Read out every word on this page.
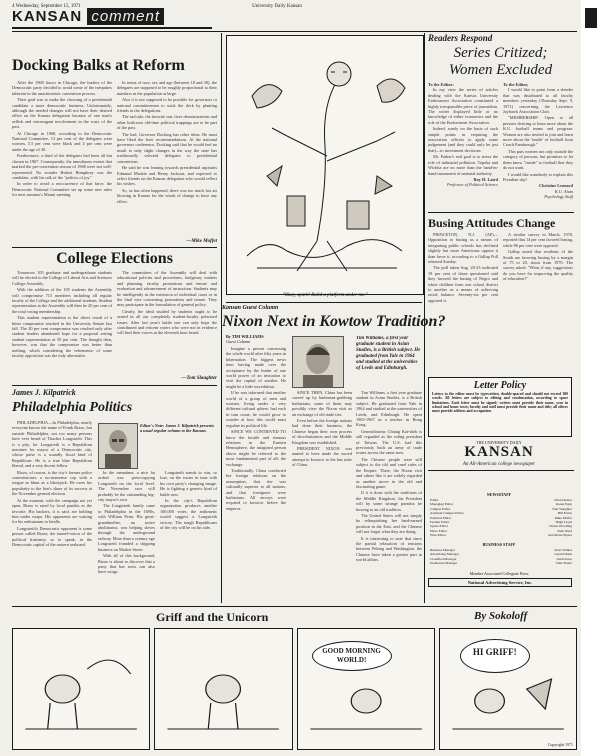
4 Wednesday, September 15, 1971	University Daily Kansan
KANSAN comment
Docking Balks at Reform

After the 1968 fiasco in Chicago, the leaders of the Democratic party decided to avoid some of the inequities inherent in the anachronistic convention process.

Their goal was to make the choosing of a presidential candidate a more democratic business. Unfortunately, although the needed changes will not have their desired effect on the Kansas delegation because of one man's selfish and extravagant involvement in the ways of the past.

At Chicago in 1968, according to the Democratic National Committee, 13 per cent of the delegates were women, 5.5 per cent were black and 4 per cent were under the age of 30.

Furthermore, a third of the delegates had been all but chosen in 1967. Consequently, the tumultuous events that marked the pre-convention season of 1968 were not well-represented. No wonder Hubert Humphrey was the candidate, with his talk of the "politics of joy."

In order to avoid a reoccurrence of that farce, the Democratic National Committee set up some new rules for next summer's Miami meeting.

In terms of race, sex and age (between 18 and 30), the delegates are supposed to be roughly proportional to their numbers in the population at large.

Also it is not supposed to be possible for governors or national committeemen to stack the deck by planting friends in the delegations.

The sad rule, the favorite son, fiver demonstrations and other ludicrous old-time political trappings are to be part of the past.

The bad, Governor Docking has other ideas. He must have liked the fixer recommendations. At the national governors conference, Docking said that he would feel no insult to only slight changes in the way the state has traditionally selected delegates to presidential conventions.

He said he was leaning towards presidential aspirants Edmund Muskie and Henry Jackson, and expected to select friends on the Kansas delegation who would reflect his wishes.

So, as has often happened, there was too much hot air blowing in Kansas for the winds of change to have any effect.

—Mike Moffet
College Elections

Tomorrow 105 graduate and undergraduate students will be elected to the College of Liberal Arts and Sciences College Assembly.

With the addition of the 105 students the Assembly will compromise 715 members including all regular faculty of the College and the additional students. Student representation in the Assembly will then be 20 per cent of the total voting membership.

This student representation is the direct result of a bitter compromise reached in the University Senate last fall. The 20 per cent compromise was reached only after student leaders abandoned hope for a proposal setting student representation at 50 per cent. The thought then, however, was that the compromise was better than nothing, which considering the vehemence of some faculty opposition was the only alternative.

The committees of the Assembly will deal with educational policies and procedures, budgetary matters and planning, faculty promotions and tenure and evaluation and advancement of instruction. Students may be intelligently in the extension of individual cases or in the final vote concerning promotions and tenure. They may participate in the formulation of general policy.

Clearly, the ideal studied by students ought to be seated in all our completely student-faculty polarized issues. After last year's battle one can only hope the contributed and reticent voters who were not in evidence will find their voices at the eleventh hour heard.

—Tom Slaughter
James J. Kilpatrick
Philadelphia Politics

PHILADELPHIA—In Philadelphia, nearly everyone knows the name of Frank Rizzo, but outside Philadelphia, not too many persons have ever heard of Thacher Longstreth. This is a pity, for Longstreth is a Republican nominee for mayor of a Democratic city, whose pulse is a soundly fiscal kind of Republican. He is a true blue Republican liberal, and a very decent fellow.

Rizzo, of course, is the city's former police commissioner, a no-nonsense cop with a tongue as blunt as a blackjack. He owes his popularity to the lion's share of its success at the November general election.

At the moment, with the campaign not yet open, Rizzo is rated by local pundits as the favorite. His backers, it is said, are holding him under wraps. His opponents are waiting for his enthusiasm to kindle.

Longstreth's Democratic opponent is some person called Rizzo; the tunnel-vision of the political fraternity, so to speak, in the Democratic capital of the eastern seaboard.

Editor's Note: James J. Kilpatrick presents a usual regular column to the Kansan.

In the meantime, a nice fat ordeal was preoccupying Longstreth on the local level. The November race will probably be the outstanding big-city mayor's race.

The Longstreth family came to Philadelphia in the 1690s, with William Penn. His great-grandmother, an active abolitionist, was helping slaves through the underground railway. More than a century ago Longstreth founded a shipping business on Market Street.

With all of this background, Rizzo is about to discover that a party that has roots can also have wings.

Longstreth stands to win, or lose, on the issues in tune with his own party's changing image. He is fighting a generic kind of battle now.

In the city's Republican organization produces another 100,000 votes, the arithmetic would suggest a Longstreth victory. The tough Republicans of the city will be on his side.

"Okay, spark! Build a platform under me."
Kansan Guest Column
Nixon Next in Kowtow Tradition?
By TIM WILLIAMS
Guest Column

Imagine a person canvassing the whole world after fifty years in hibernation. The biggest news item having made over the acceptance by the leader of one world power of an invitation to visit the capital of another. He might be a little incredulous.

If he was informed that another world of a group of men and women, living under a very different cultural sphere, had each in turn come, he would grow to wonder at how this world must regulate its political life.

SINCE WE CONTRIVED TO know the hostile and tenuous relations in the Eastern Hemisphere, the imagined person above might be referred to the most fundamental part of all: the exchange.

Traditionally, China conducted her foreign relations on the assumption, that she was culturally superior to all nations, and that foreigners were barbarians. All envoys were required to kowtow before the emperor.

SINCE THEN, China has been carved up by barbarian-grabbing barbarians, some of them may possibly view the Nixon visit as an exchange of old trade ties.

Even before the foreign nations had done their business, the Chinese began their own process of decolonization and the Middle Kingdom was established.

PRESIDENT NIXON was named to have made the sacred attempt to kowtow to the last ruler of China.

Tim Williams, a first year graduate student in Asian Studies, is a British subject. He graduated from Yale in 1964 and studied at the universities of Leeds and Edinburgh.

Tim Williams, a first year graduate student in Asian Studies, is a British subject. He graduated from Yale in 1964 and studied at the universities of Leeds, and Edinburgh. He spent 1965-1967 as a teacher in Hong Kong.

Generalissimo Chiang Kai-shek is still regarded as the ruling president of Taiwan. The U.S. had this previously built an army of trade routes across the same area.

The Chinese people were still subject to the old and cruel rules of the Empire. There, the Nixon visit and others like it are widely regarded as another move in the old and fascinating game.

If it is done with the traditions of the Middle Kingdom, the President will by some strange paradox be bowing to an old tradition.

The United States will not simply be relinquishing her hard-earned position in the East, and the Chinese will not forget what they are doing.

It is interesting to note that since the partial relaxation of tensions between Peking and Washington, the Chinese have taken a greater part in world affairs.

Readers Respond
Series Critized;
Women Excluded
To the Editor:

In my view the series of articles dealing with the Kansas University Endowment Association constituted a highly irresponsible piece of journalism. The writer displayed little or no knowledge of either economics and the role of the Endowment Association.

Indeed, surely on the basis of such simple points as requiring the association officers to apply some judgement (and they could only be just that)—to investment decisions.

Mr. Parker's real goal is to stress the role of industrial pollution. Topeka and Wichita are no more than the hand-in-hand instrument of national authority.

Roy H. Laird
Professor of Political Science
To the Editor,

I would like to point from a slender that was distributed to all faculty members yesterday (Thursday Sept. 9, 1971) concerning the Lawrence Jayhawk Association Club.

"MEMBERSHIP: Open to all persons desiring to learn more about the K.U. football teams and program. Women are also invited to join and learn more about the 'inside' of football from Coach Fambrough."

This puts women not only outside the category of persons, but promises to let them know "inside" to football that they do not want.

I would like somebody to explain this Freudian slip!

Christine Leonard
K.U. Alum
Psychology Staff
Busing Attitudes Change

PRINCETON, N.J. (AP)—Opposition to busing as a means of integrating public schools has declined slightly but more Americans oppose it than favor it, according to a Gallup Poll released Sunday.

The poll taken Aug. 20-23 indicated 19 per cent of those questioned said they favored the busing of Negro and white children from one school district to another as a means of achieving racial balance. Seventy-six per cent opposed it.

A similar survey in March, 1970, reported that 14 per cent favored busing, while 86 per cent were opposed.

Gallup noted that residents of the South are favoring busing by a margin of 75 to 20, down from 1970. The survey asked: "What, if any, suggestions do you have for improving the quality of education?"

Letter Policy
Letters to the editor must be typewritten, double-spaced and should not exceed 300 words. All letters are subject to editing and condensation, according to space limitations. Each letter must be signed; writers must provide their name, year in school and home town; faculty and staff must provide their name and title; all others must provide address and occupation.
THE UNIVERSITY DAILY
KANSAN
An All-American college newspaper
NEWSSTAFF
Editor	David Rotter
Managing Editor	Karen Egan
Campus Editor	Tom Slaughter
Assistant Campus Editor	Bill Erwin
Editorial Editor	Mike Moffet
Feature Editor	Hugh Lloyd
Sports Editor	Chuck Woodling
Photo Editor	Rick Ward
Wire Editor	Ann Marie Elpers
BUSINESS STAFF
Business Manager	Peter Walker
Advertising Manager	Gerald Dunn
Classified Manager	Linda Kern
Promotion Manager	Dale Fisher
Member Associated Collegiate Press
National Advertising Service, Inc.
Griff and the Unicorn	By Sokoloff
GOOD MORNING WORLD!
HI GRIFF!
Copyright 1971
